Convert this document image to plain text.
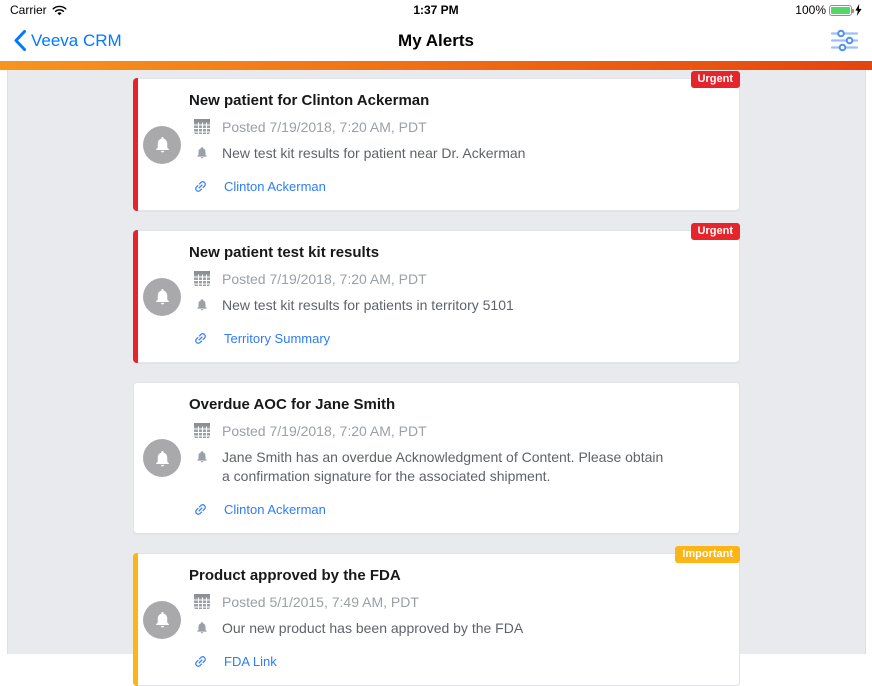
Carrier	1:37 PM	100%
Veeva CRM	My Alerts
Urgent
New patient for Clinton Ackerman
Posted 7/19/2018, 7:20 AM, PDT
New test kit results for patient near Dr. Ackerman
Clinton Ackerman
Urgent
New patient test kit results
Posted 7/19/2018, 7:20 AM, PDT
New test kit results for patients in territory 5101
Territory Summary
Overdue AOC for Jane Smith
Posted 7/19/2018, 7:20 AM, PDT
Jane Smith has an overdue Acknowledgment of Content. Please obtain a confirmation signature for the associated shipment.
Clinton Ackerman
Important
Product approved by the FDA
Posted 5/1/2015, 7:49 AM, PDT
Our new product has been approved by the FDA
FDA Link
